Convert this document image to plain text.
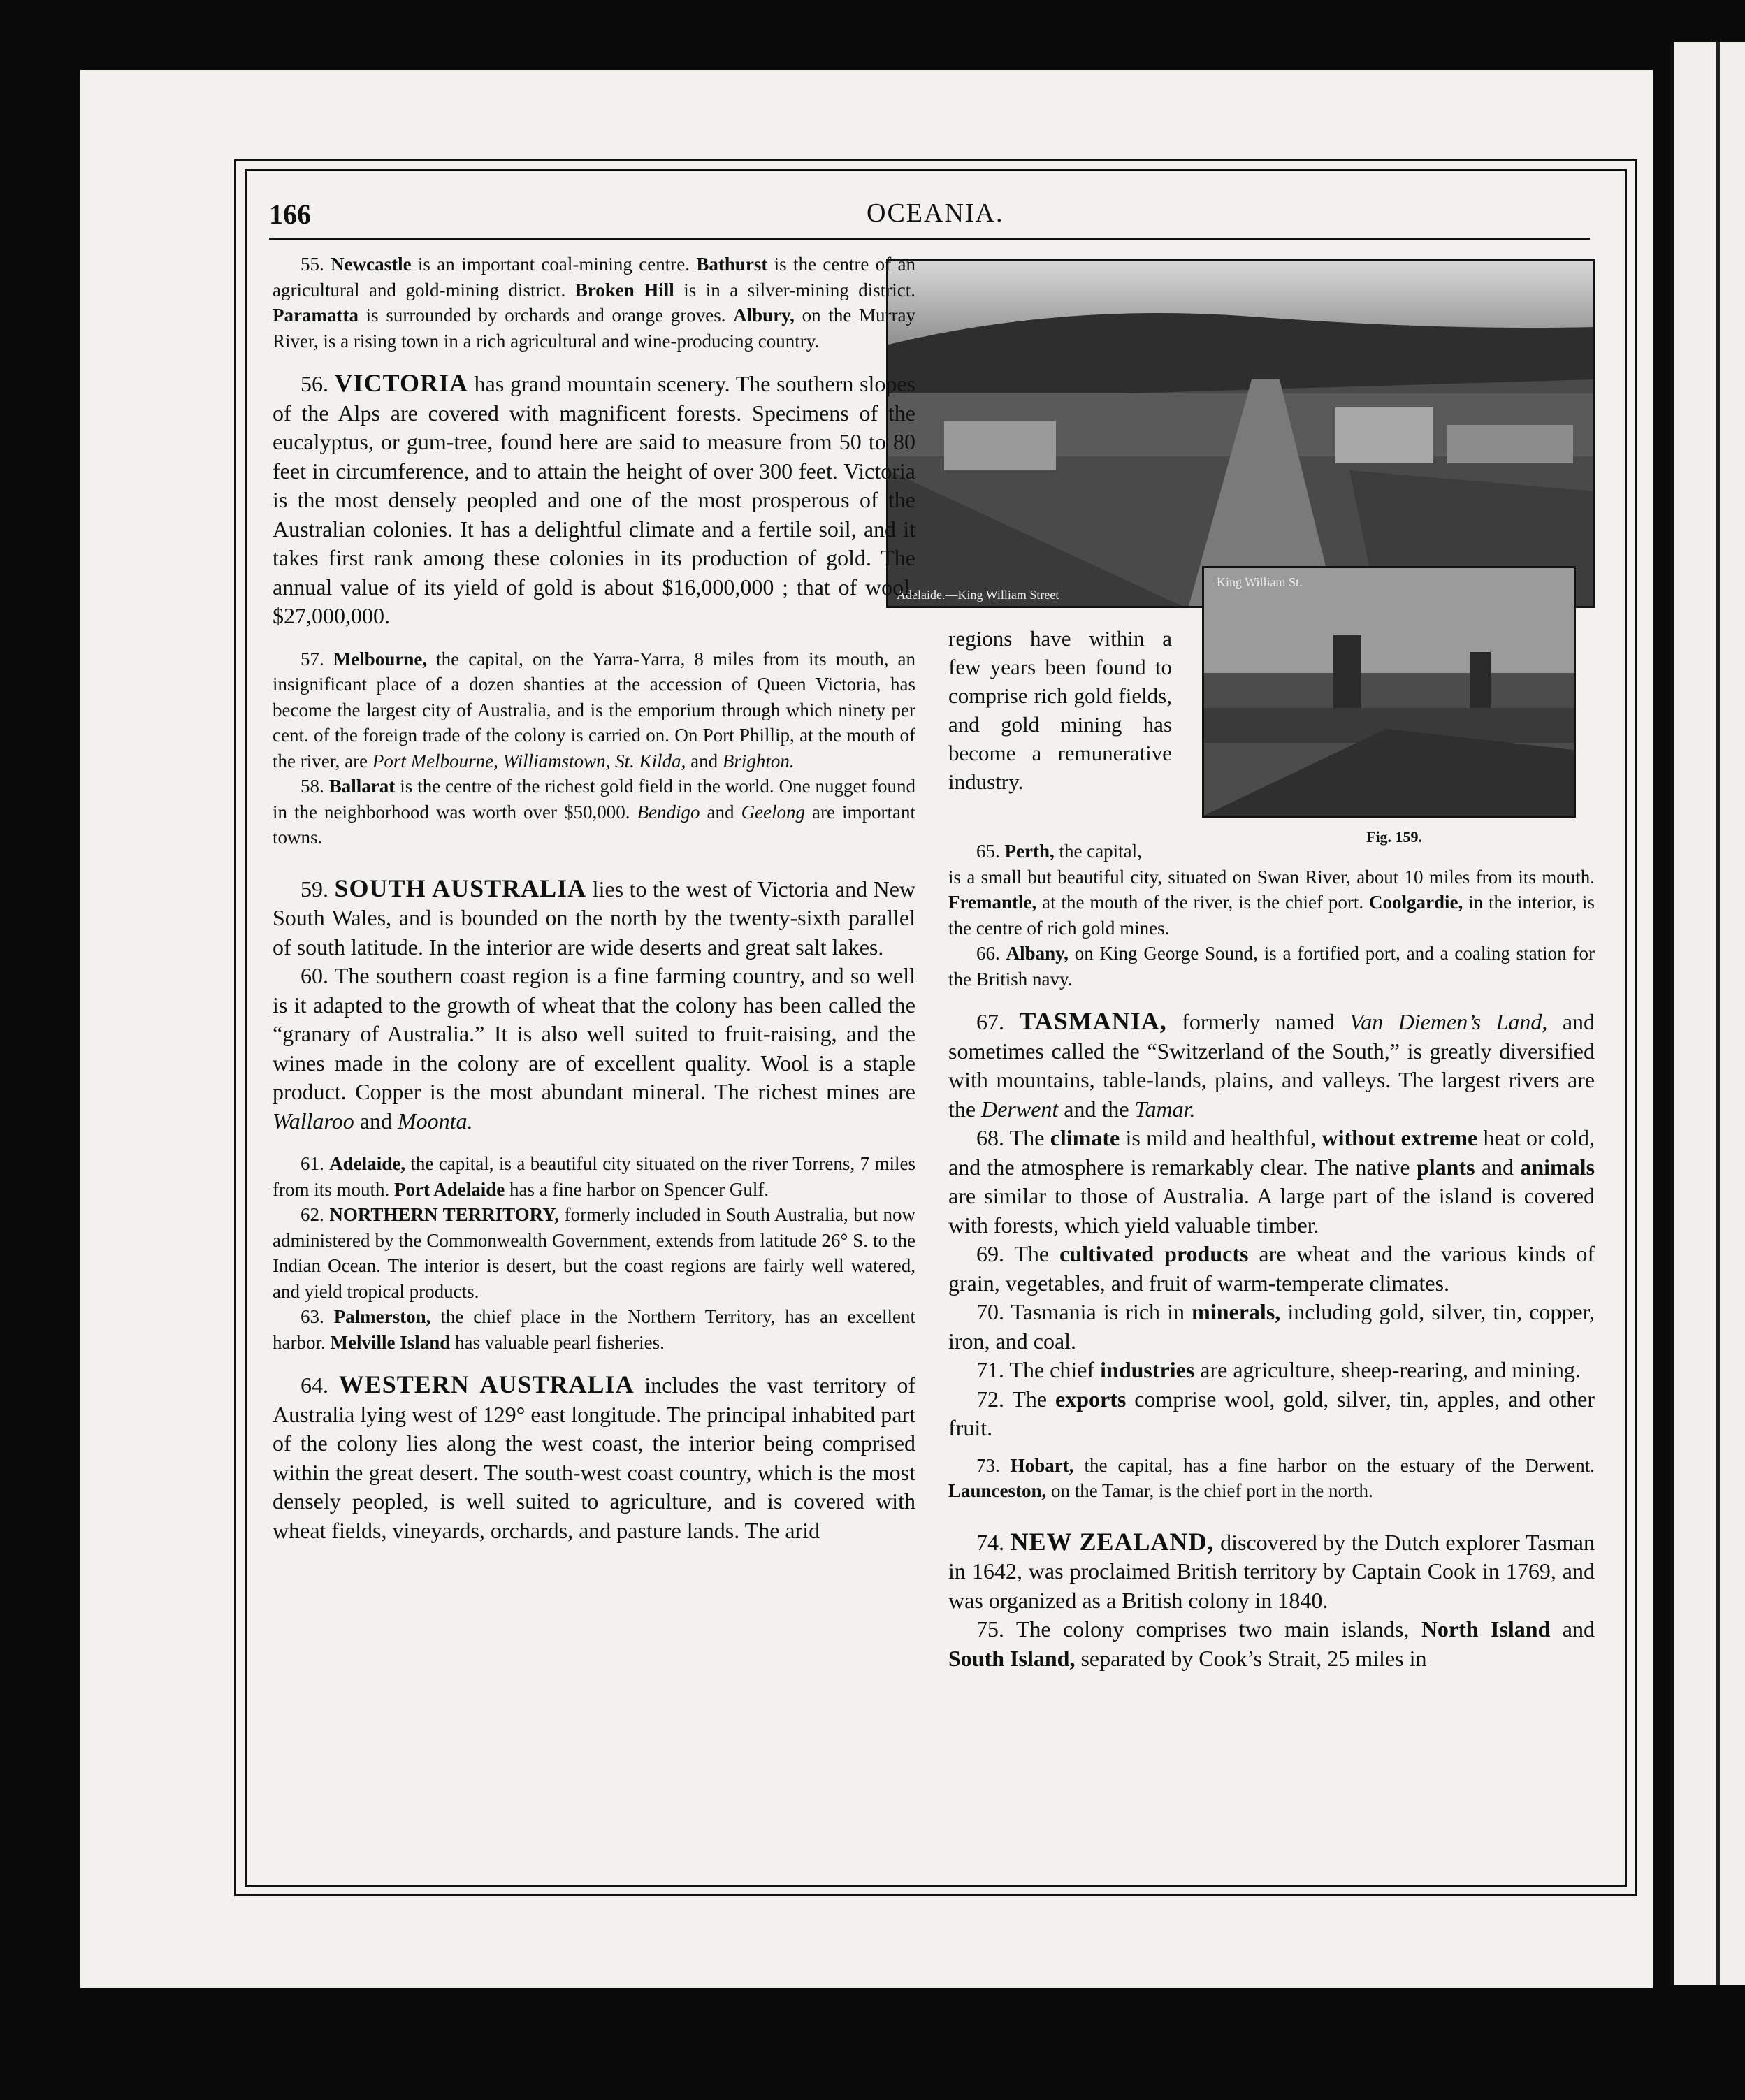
166	OCEANIA.
Adelaide.—King William Street
King William St.
Fig. 159.

55. Newcastle is an important coal-mining centre. Bathurst is the centre of an agricultural and gold-mining district. Broken Hill is in a silver-mining district. Paramatta is surrounded by orchards and orange groves. Albury, on the Murray River, is a rising town in a rich agricultural and wine-producing country.

56. VICTORIA has grand mountain scenery. The southern slopes of the Alps are covered with magnificent forests. Specimens of the eucalyptus, or gum-tree, found here are said to measure from 50 to 80 feet in circumference, and to attain the height of over 300 feet. Victoria is the most densely peopled and one of the most prosperous of the Australian colonies. It has a delightful climate and a fertile soil, and it takes first rank among these colonies in its production of gold. The annual value of its yield of gold is about $16,000,000 ; that of wool, $27,000,000.

57. Melbourne, the capital, on the Yarra-Yarra, 8 miles from its mouth, an insignificant place of a dozen shanties at the accession of Queen Victoria, has become the largest city of Australia, and is the emporium through which ninety per cent. of the foreign trade of the colony is carried on. On Port Phillip, at the mouth of the river, are Port Melbourne, Williamstown, St. Kilda, and Brighton.

58. Ballarat is the centre of the richest gold field in the world. One nugget found in the neighborhood was worth over $50,000. Bendigo and Geelong are important towns.

59. SOUTH AUSTRALIA lies to the west of Victoria and New South Wales, and is bounded on the north by the twenty-sixth parallel of south latitude. In the interior are wide deserts and great salt lakes.

60. The southern coast region is a fine farming country, and so well is it adapted to the growth of wheat that the colony has been called the “granary of Australia.” It is also well suited to fruit-raising, and the wines made in the colony are of excellent quality. Wool is a staple product. Copper is the most abundant mineral. The richest mines are Wallaroo and Moonta.

61. Adelaide, the capital, is a beautiful city situated on the river Torrens, 7 miles from its mouth. Port Adelaide has a fine harbor on Spencer Gulf.

62. NORTHERN TERRITORY, formerly included in South Australia, but now administered by the Commonwealth Government, extends from latitude 26° S. to the Indian Ocean. The interior is desert, but the coast regions are fairly well watered, and yield tropical products.

63. Palmerston, the chief place in the Northern Territory, has an excellent harbor. Melville Island has valuable pearl fisheries.

64. WESTERN AUSTRALIA includes the vast territory of Australia lying west of 129° east longitude. The principal inhabited part of the colony lies along the west coast, the interior being comprised within the great desert. The south-west coast country, which is the most densely peopled, is well suited to agriculture, and is covered with wheat fields, vineyards, orchards, and pasture lands. The arid

regions have within a few years been found to comprise rich gold fields, and gold mining has become a remunerative industry.

65. Perth, the capital,
is a small but beautiful city, situated on Swan River, about 10 miles from its mouth. Fremantle, at the mouth of the river, is the chief port. Coolgardie, in the interior, is the centre of rich gold mines.

66. Albany, on King George Sound, is a fortified port, and a coaling station for the British navy.

67. TASMANIA, formerly named Van Diemen’s Land, and sometimes called the “Switzerland of the South,” is greatly diversified with mountains, table-lands, plains, and valleys. The largest rivers are the Derwent and the Tamar.

68. The climate is mild and healthful, without extreme heat or cold, and the atmosphere is remarkably clear. The native plants and animals are similar to those of Australia. A large part of the island is covered with forests, which yield valuable timber.

69. The cultivated products are wheat and the various kinds of grain, vegetables, and fruit of warm-temperate climates.

70. Tasmania is rich in minerals, including gold, silver, tin, copper, iron, and coal.

71. The chief industries are agriculture, sheep-rearing, and mining.

72. The exports comprise wool, gold, silver, tin, apples, and other fruit.

73. Hobart, the capital, has a fine harbor on the estuary of the Derwent. Launceston, on the Tamar, is the chief port in the north.

74. NEW ZEALAND, discovered by the Dutch explorer Tasman in 1642, was proclaimed British territory by Captain Cook in 1769, and was organized as a British colony in 1840.

75. The colony comprises two main islands, North Island and South Island, separated by Cook’s Strait, 25 miles in
